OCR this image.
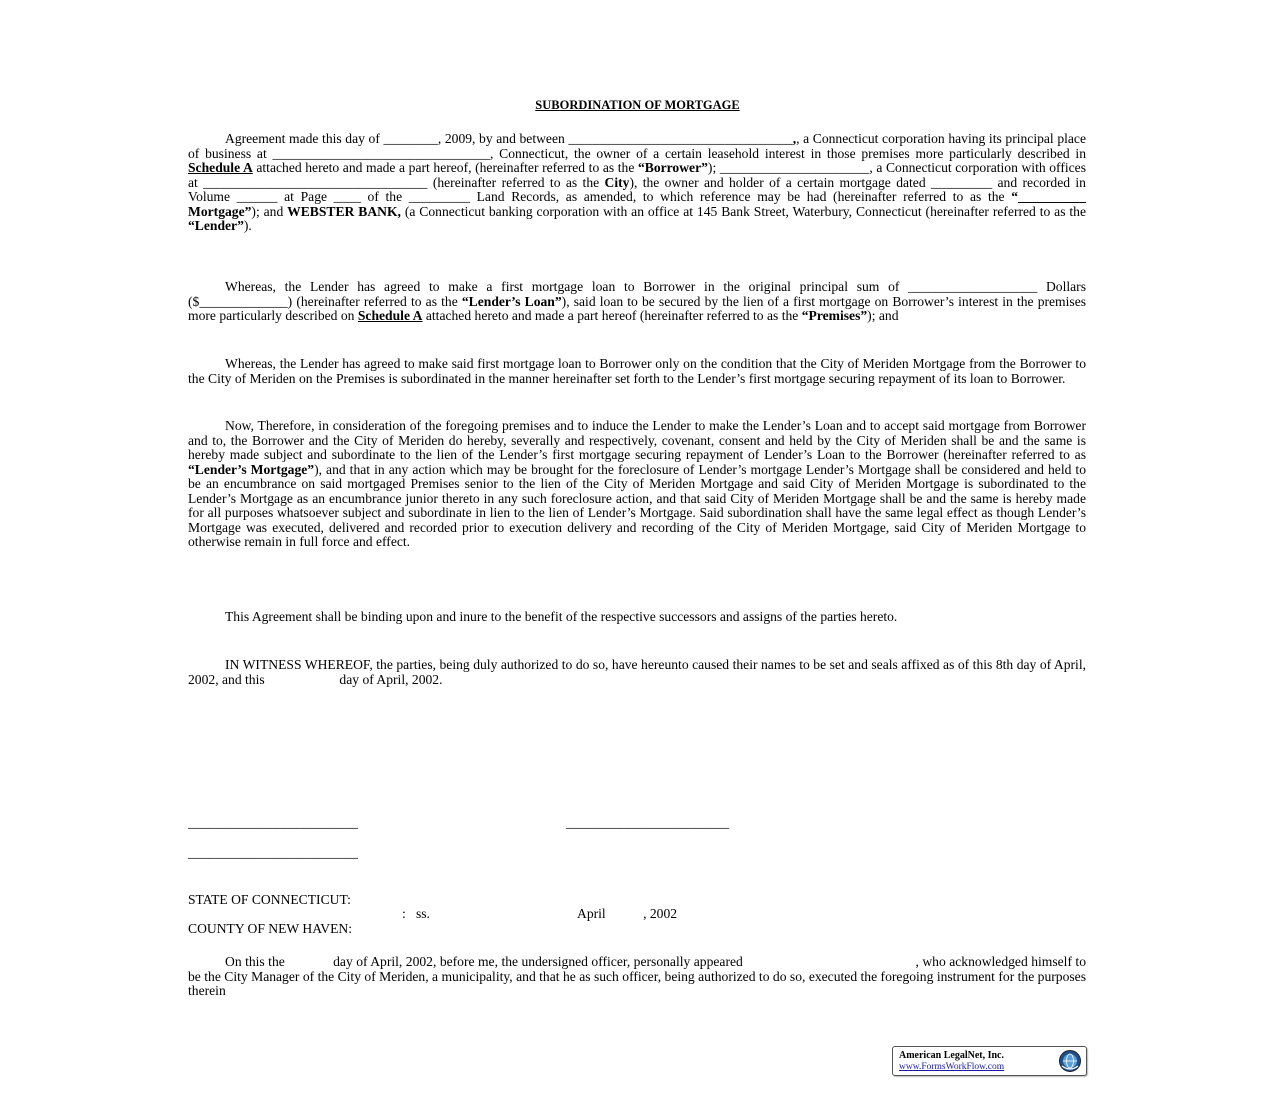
SUBORDINATION OF MORTGAGE

Agreement made this day of ________, 2009, by and between _________________________________,, a Connecticut corporation having its principal place of business at ________________________________, Connecticut, the owner of a certain leasehold interest in those premises more particularly described in Schedule A attached hereto and made a part hereof, (hereinafter referred to as the “Borrower”); ______________________, a Connecticut corporation with offices at _________________________________ (hereinafter referred to as the City), the owner and holder of a certain mortgage dated _________ and recorded in Volume ______ at Page ____ of the _________ Land Records, as amended, to which reference may be had (hereinafter referred to as the “__________ Mortgage”); and WEBSTER BANK, (a Connecticut banking corporation with an office at 145 Bank Street, Waterbury, Connecticut (hereinafter referred to as the “Lender”).

Whereas, the Lender has agreed to make a first mortgage loan to Borrower in the original principal sum of ___________________ Dollars ($_____________) (hereinafter referred to as the “Lender’s Loan”), said loan to be secured by the lien of a first mortgage on Borrower’s interest in the premises more particularly described on Schedule A attached hereto and made a part hereof (hereinafter referred to as the “Premises”); and

Whereas, the Lender has agreed to make said first mortgage loan to Borrower only on the condition that the City of Meriden Mortgage from the Borrower to the City of Meriden on the Premises is subordinated in the manner hereinafter set forth to the Lender’s first mortgage securing repayment of its loan to Borrower.

Now, Therefore, in consideration of the foregoing premises and to induce the Lender to make the Lender’s Loan and to accept said mortgage from Borrower and to, the Borrower and the City of Meriden do hereby, severally and respectively, covenant, consent and held by the City of Meriden shall be and the same is hereby made subject and subordinate to the lien of the Lender’s first mortgage securing repayment of Lender’s Loan to the Borrower (hereinafter referred to as “Lender’s Mortgage”), and that in any action which may be brought for the foreclosure of Lender’s mortgage Lender’s Mortgage shall be considered and held to be an encumbrance on said mortgaged Premises senior to the lien of the City of Meriden Mortgage and said City of Meriden Mortgage is subordinated to the Lender’s Mortgage as an encumbrance junior thereto in any such foreclosure action, and that said City of Meriden Mortgage shall be and the same is hereby made for all purposes whatsoever subject and subordinate in lien to the lien of Lender’s Mortgage. Said subordination shall have the same legal effect as though Lender’s Mortgage was executed, delivered and recorded prior to execution delivery and recording of the City of Meriden Mortgage, said City of Meriden Mortgage to otherwise remain in full force and effect.

This Agreement shall be binding upon and inure to the benefit of the respective successors and assigns of the parties hereto.

IN WITNESS WHEREOF, the parties, being duly authorized to do so, have hereunto caused their names to be set and seals affixed as of this 8th day of April, 2002, and this                      day of April, 2002.

_________________________	________________________
_________________________
STATE OF CONNECTICUT:
:   ss.	April           , 2002
COUNTY OF NEW HAVEN:

On this the              day of April, 2002, before me, the undersigned officer, personally appeared                                                  , who acknowledged himself to be the City Manager of the City of Meriden, a municipality, and that he as such officer, being authorized to do so, executed the foregoing instrument for the purposes therein

American LegalNet, Inc.
www.FormsWorkFlow.com
